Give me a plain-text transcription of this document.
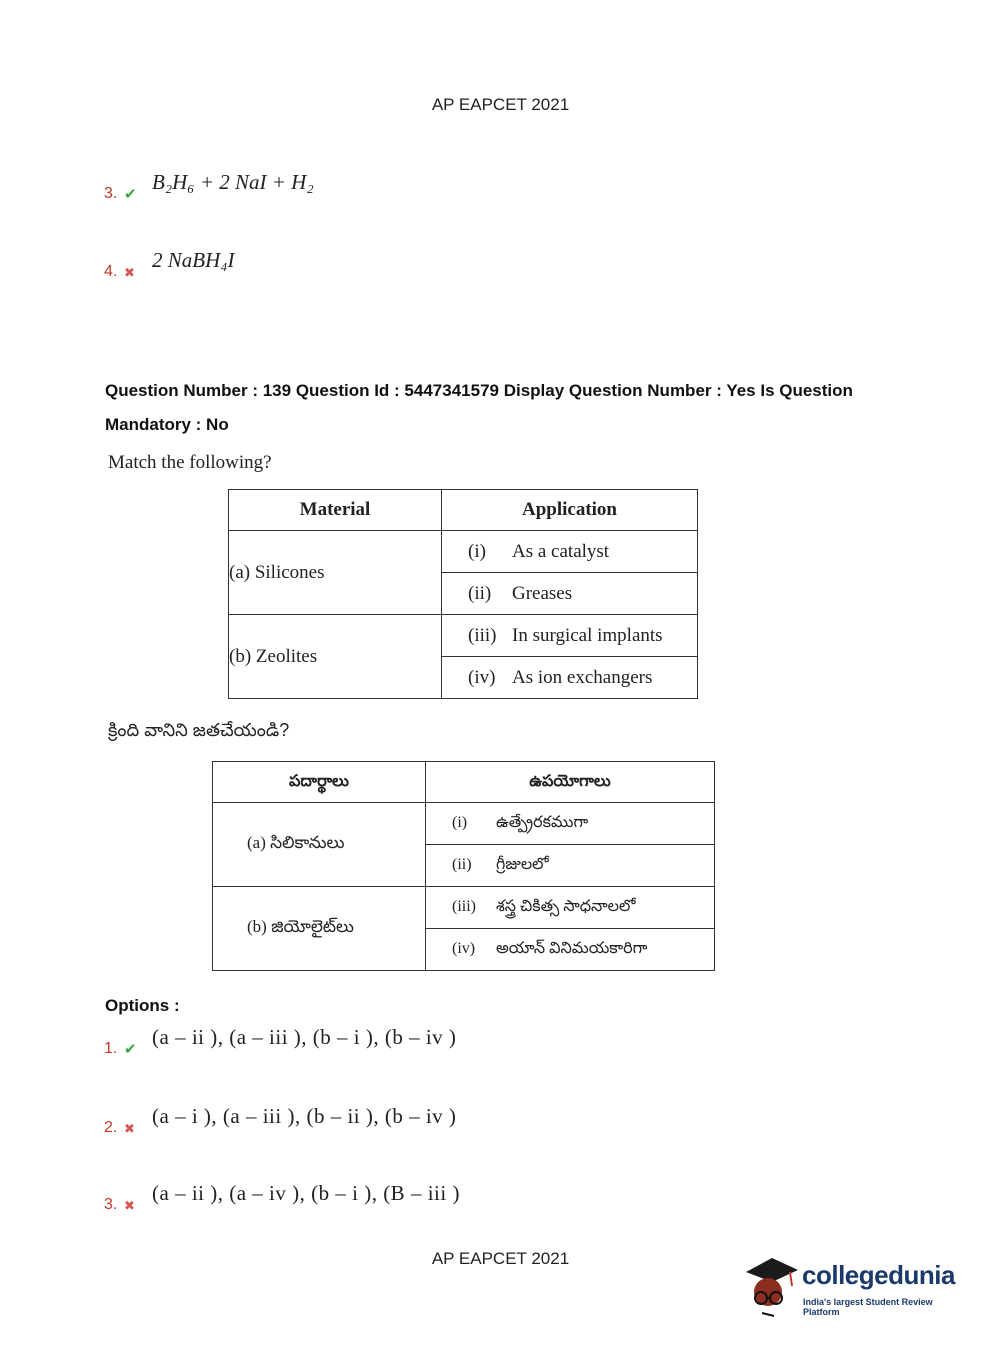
AP EAPCET 2021
3. ✔
B₂H₆ + 2 NaI + H₂
4. ✖
2 NaBH₄I
Question Number : 139 Question Id : 5447341579 Display Question Number : Yes Is Question
Mandatory : No
Match the following?
Material	Application
(a) Silicones	(i) As a catalyst
	(ii) Greases
(b) Zeolites	(iii) In surgical implants
	(iv) As ion exchangers
క్రింది వానిని జతచేయండి?
పదార్థాలు	ఉపయోగాలు
(a) సిలికానులు	(i) ఉత్ప్రేరకముగా
	(ii) గ్రీజులలో
(b) జియోలైట్‌లు	(iii) శస్త్ర చికిత్స సాధనాలలో
	(iv) అయాన్ వినిమయకారిగా
Options :
1. ✔
(a – ii ), (a – iii ), (b – i ), (b – iv )
2. ✖
(a – i ), (a – iii ), (b – ii ), (b – iv )
3. ✖
(a – ii ), (a – iv ), (b – i ), (B – iii )
AP EAPCET 2021
collegedunia
India's largest Student Review Platform
